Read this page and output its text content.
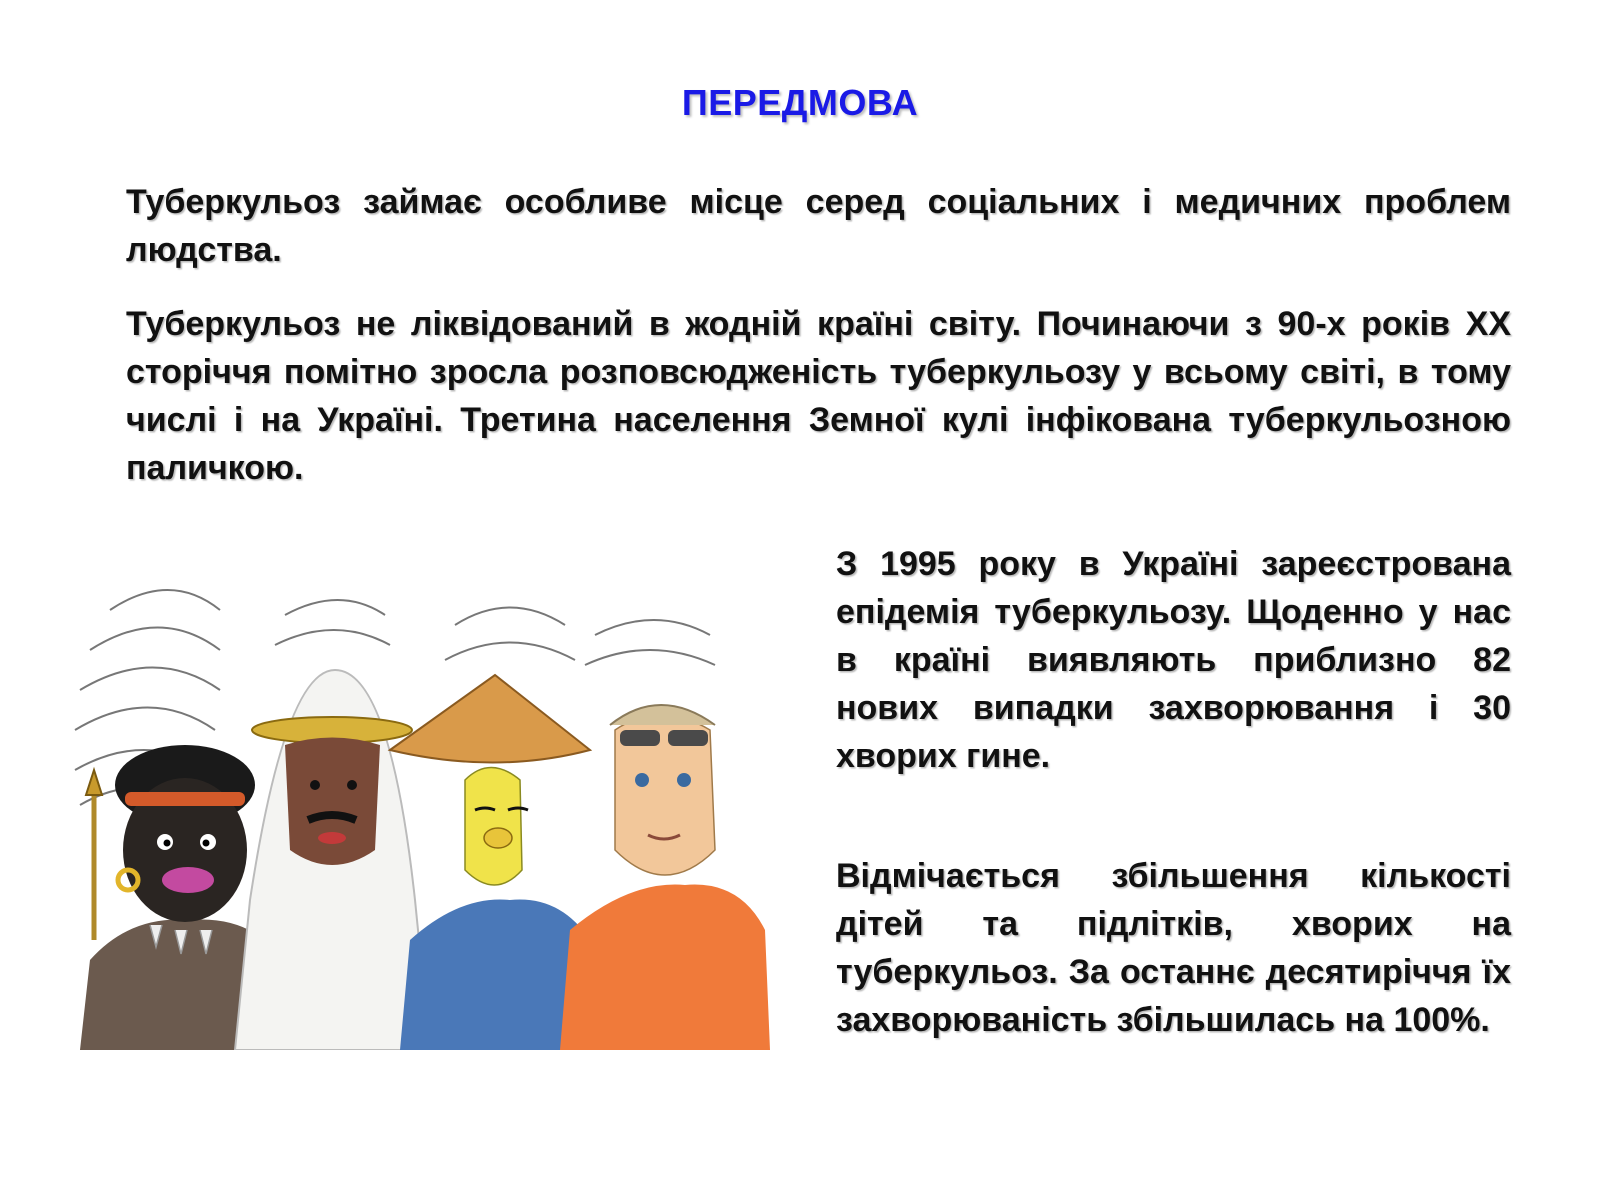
ПЕРЕДМОВА

Туберкульоз займає особливе місце серед соціальних і медичних проблем людства.

Туберкульоз не ліквідований в жодній країні світу. Починаючи з 90-х років XX сторіччя помітно зросла розповсюдженість туберкульозу у всьому світі, в тому числі і на Україні. Третина населення Земної кулі інфікована туберкульозною паличкою.

З 1995 року в Україні зареєстрована епідемія туберкульозу. Щоденно у нас в країні виявляють приблизно 82 нових випадки захворювання і 30 хворих гине.

Відмічається збільшення кількості дітей та підлітків, хворих на туберкульоз. За останнє десятиріччя їх захворюваність збільшилась на 100%.
